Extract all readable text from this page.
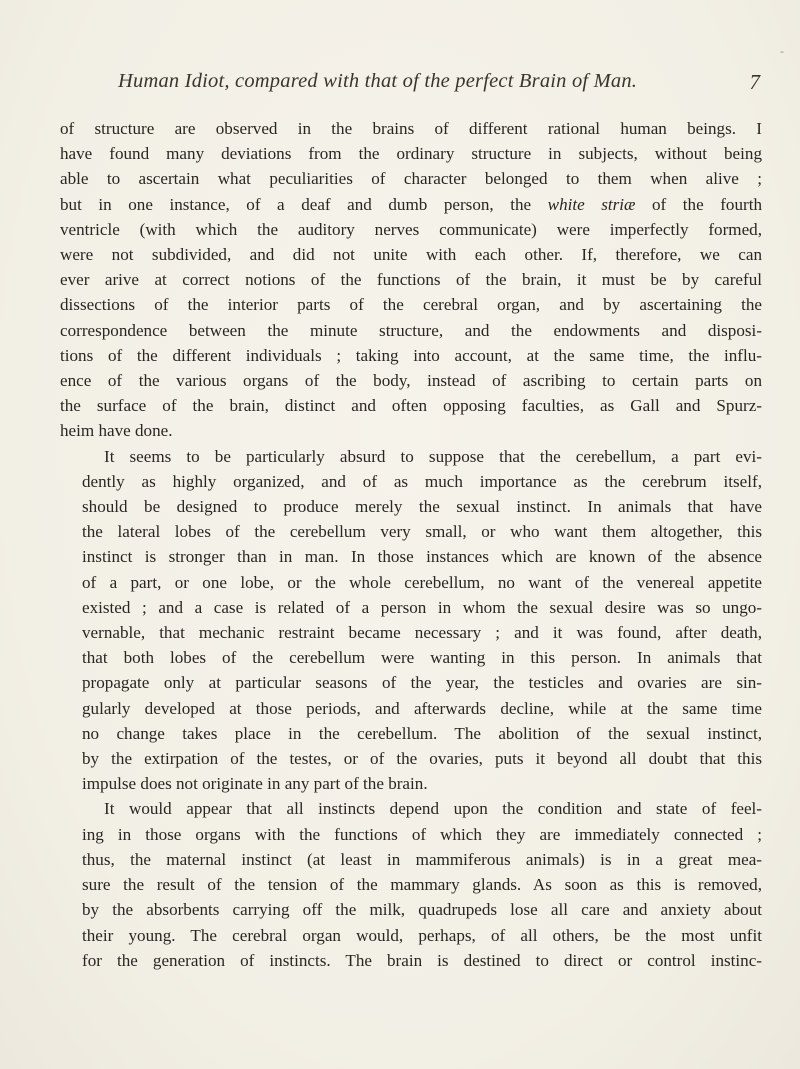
-
Human Idiot, compared with that of the perfect Brain of Man.	7

of structure are observed in the brains of different rational human beings. I
have found many deviations from the ordinary structure in subjects, without being
able to ascertain what peculiarities of character belonged to them when alive ;
but in one instance, of a deaf and dumb person, the white striæ of the fourth
ventricle (with which the auditory nerves communicate) were imperfectly formed,
were not subdivided, and did not unite with each other. If, therefore, we can
ever arive at correct notions of the functions of the brain, it must be by careful
dissections of the interior parts of the cerebral organ, and by ascertaining the
correspondence between the minute structure, and the endowments and disposi-
tions of the different individuals ; taking into account, at the same time, the influ-
ence of the various organs of the body, instead of ascribing to certain parts on
the surface of the brain, distinct and often opposing faculties, as Gall and Spurz-
heim have done.

It seems to be particularly absurd to suppose that the cerebellum, a part evi-
dently as highly organized, and of as much importance as the cerebrum itself,
should be designed to produce merely the sexual instinct. In animals that have
the lateral lobes of the cerebellum very small, or who want them altogether, this
instinct is stronger than in man. In those instances which are known of the absence
of a part, or one lobe, or the whole cerebellum, no want of the venereal appetite
existed ; and a case is related of a person in whom the sexual desire was so ungo-
vernable, that mechanic restraint became necessary ; and it was found, after death,
that both lobes of the cerebellum were wanting in this person. In animals that
propagate only at particular seasons of the year, the testicles and ovaries are sin-
gularly developed at those periods, and afterwards decline, while at the same time
no change takes place in the cerebellum. The abolition of the sexual instinct,
by the extirpation of the testes, or of the ovaries, puts it beyond all doubt that this
impulse does not originate in any part of the brain.

It would appear that all instincts depend upon the condition and state of feel-
ing in those organs with the functions of which they are immediately connected ;
thus, the maternal instinct (at least in mammiferous animals) is in a great mea-
sure the result of the tension of the mammary glands. As soon as this is removed,
by the absorbents carrying off the milk, quadrupeds lose all care and anxiety about
their young. The cerebral organ would, perhaps, of all others, be the most unfit
for the generation of instincts. The brain is destined to direct or control instinc-
